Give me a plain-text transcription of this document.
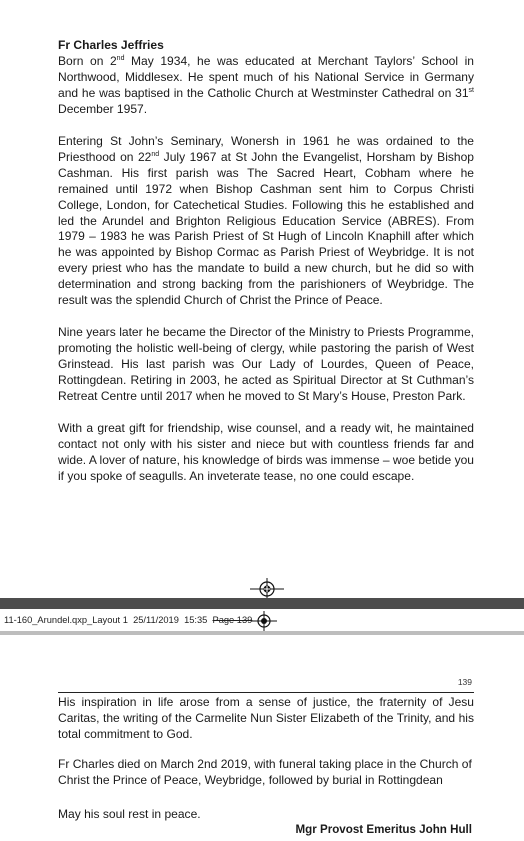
Fr Charles Jeffries
Born on 2nd May 1934, he was educated at Merchant Taylors’ School in Northwood, Middlesex. He spent much of his National Service in Germany and he was baptised in the Catholic Church at Westminster Cathedral on 31st December 1957.

Entering St John’s Seminary, Wonersh in 1961 he was ordained to the Priesthood on 22nd July 1967 at St John the Evangelist, Horsham by Bishop Cashman. His first parish was The Sacred Heart, Cobham where he remained until 1972 when Bishop Cashman sent him to Corpus Christi College, London, for Catechetical Studies. Following this he established and led the Arundel and Brighton Religious Education Service (ABRES). From 1979 – 1983 he was Parish Priest of St Hugh of Lincoln Knaphill after which he was appointed by Bishop Cormac as Parish Priest of Weybridge. It is not every priest who has the mandate to build a new church, but he did so with determination and strong backing from the parishioners of Weybridge. The result was the splendid Church of Christ the Prince of Peace.

Nine years later he became the Director of the Ministry to Priests Programme, promoting the holistic well-being of clergy, while pastoring the parish of West Grinstead. His last parish was Our Lady of Lourdes, Queen of Peace, Rottingdean. Retiring in 2003, he acted as Spiritual Director at St Cuthman’s Retreat Centre until 2017 when he moved to St Mary’s House, Preston Park.

With a great gift for friendship, wise counsel, and a ready wit, he maintained contact not only with his sister and niece but with countless friends far and wide. A lover of nature, his knowledge of birds was immense – woe betide you if you spoke of seagulls. An inveterate tease, no one could escape.

11-160_Arundel.qxp_Layout 1 25/11/2019 15:35 Page 139
139

His inspiration in life arose from a sense of justice, the fraternity of Jesu Caritas, the writing of the Carmelite Nun Sister Elizabeth of the Trinity, and his total commitment to God.

Fr Charles died on March 2nd 2019, with funeral taking place in the Church of Christ the Prince of Peace, Weybridge, followed by burial in Rottingdean

May his soul rest in peace.

Mgr Provost Emeritus John Hull
